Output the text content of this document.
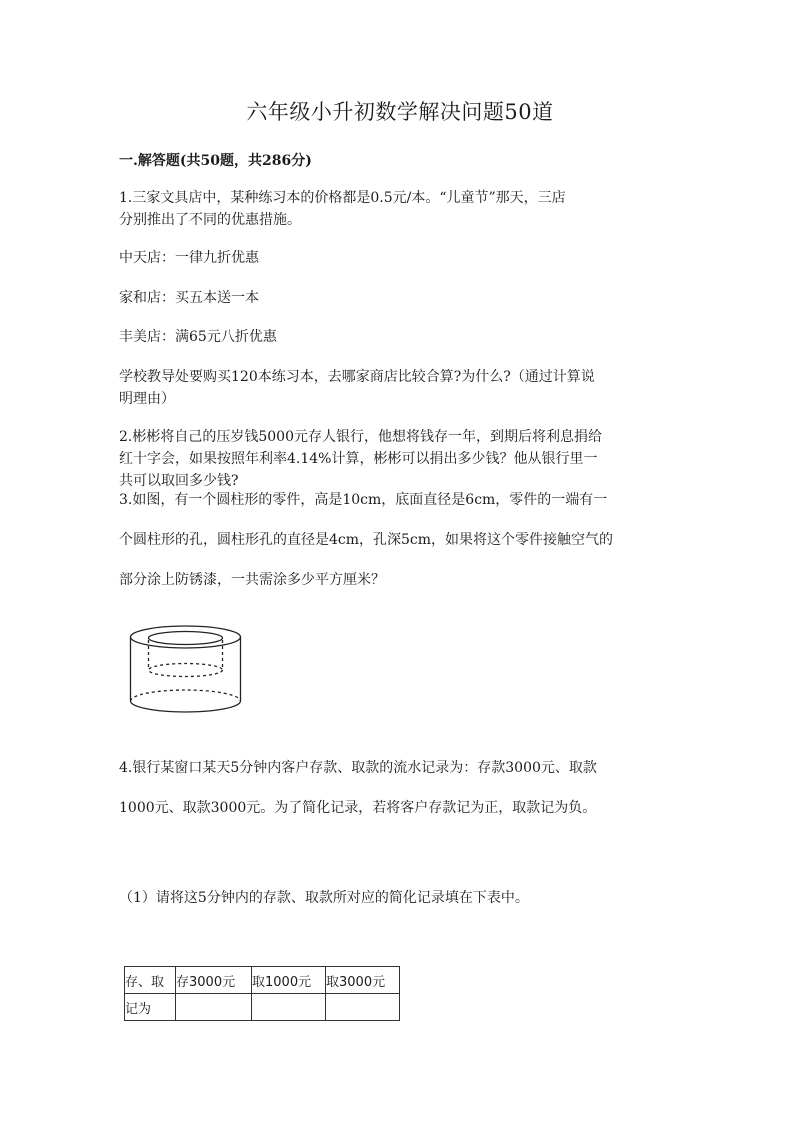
六年级小升初数学解决问题50道
一.解答题(共50题，共286分)
1.三家文具店中，某种练习本的价格都是0.5元/本。“儿童节”那天，三店
分别推出了不同的优惠措施。
中天店：一律九折优惠
家和店：买五本送一本
丰美店：满65元八折优惠
学校教导处要购买120本练习本，去哪家商店比较合算?为什么?（通过计算说
明理由）
2.彬彬将自己的压岁钱5000元存人银行，他想将钱存一年，到期后将利息捐给
红十字会，如果按照年利率4.14%计算，彬彬可以捐出多少钱？他从银行里一
共可以取回多少钱?
3.如图，有一个圆柱形的零件，高是10cm，底面直径是6cm，零件的一端有一
个圆柱形的孔，圆柱形孔的直径是4cm，孔深5cm，如果将这个零件接触空气的
部分涂上防锈漆，一共需涂多少平方厘米？
4.银行某窗口某天5分钟内客户存款、取款的流水记录为：存款3000元、取款
1000元、取款3000元。为了简化记录，若将客户存款记为正，取款记为负。
（1）请将这5分钟内的存款、取款所对应的简化记录填在下表中。
存、取	存3000元	取1000元	取3000元
记为			
